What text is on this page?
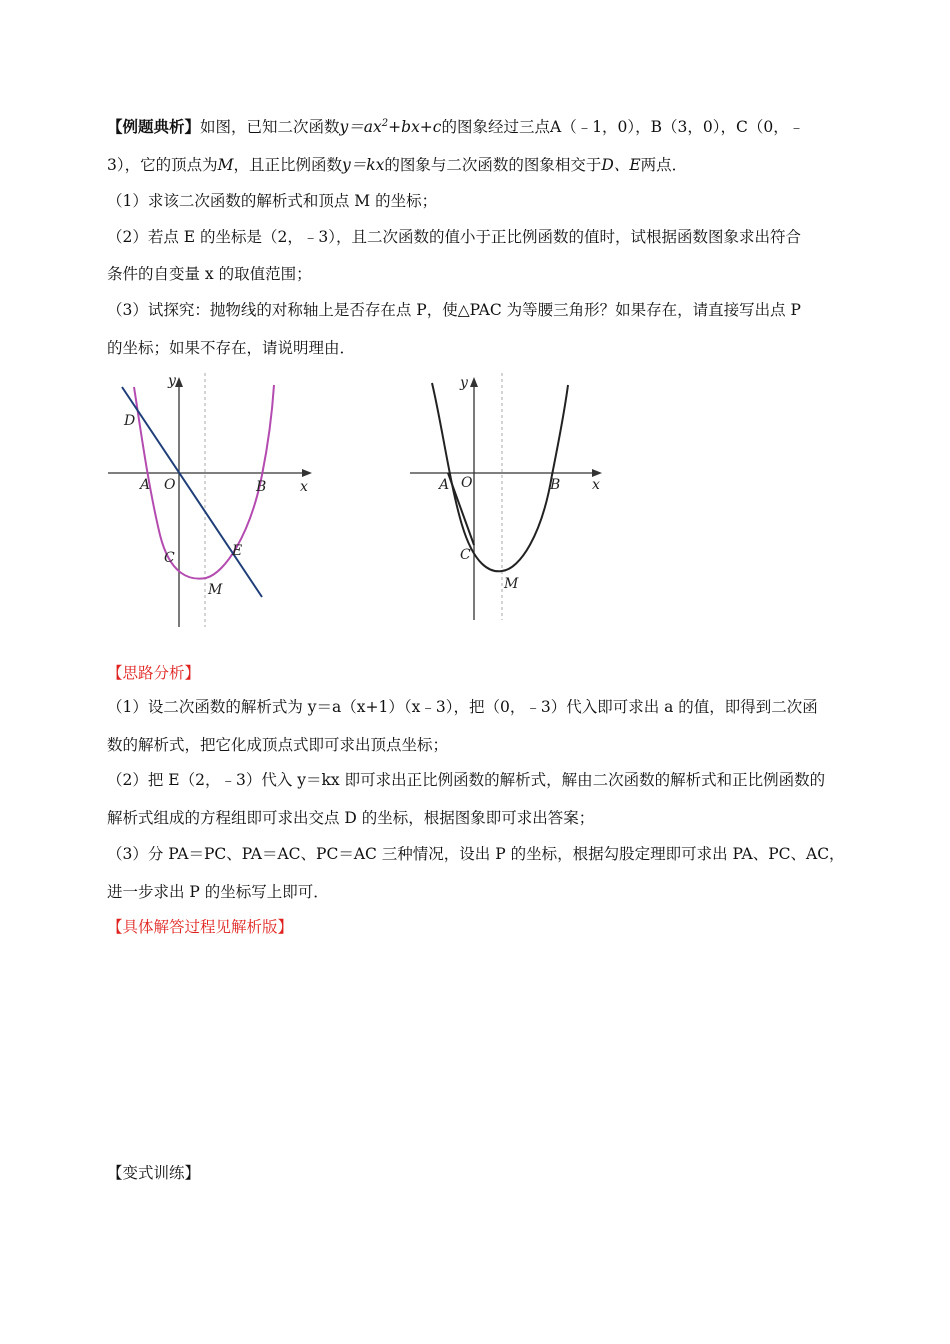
【例题典析】如图，已知二次函数$y=ax^2+bx+c$的图象经过三点A（﹣1，0），B（3，0），C（0，﹣
3），它的顶点为M，且正比例函数y＝kx的图象与二次函数的图象相交于D、E两点．
（1）求该二次函数的解析式和顶点 M 的坐标；
（2）若点 E 的坐标是（2，﹣3），且二次函数的值小于正比例函数的值时，试根据函数图象求出符合
条件的自变量 x 的取值范围；
（3）试探究：抛物线的对称轴上是否存在点 P，使△PAC 为等腰三角形？如果存在，请直接写出点 P
的坐标；如果不存在，请说明理由．
y
x
D
A O	B
C	E
M
y
x
A O	B
C
M
【思路分析】
（1）设二次函数的解析式为 y＝a（x+1）（x﹣3），把（0，﹣3）代入即可求出 a 的值，即得到二次函
数的解析式，把它化成顶点式即可求出顶点坐标；
（2）把 E（2，﹣3）代入 y＝kx 即可求出正比例函数的解析式，解由二次函数的解析式和正比例函数的
解析式组成的方程组即可求出交点 D 的坐标，根据图象即可求出答案；
（3）分 PA＝PC、PA＝AC、PC＝AC 三种情况，设出 P 的坐标，根据勾股定理即可求出 PA、PC、AC，
进一步求出 P 的坐标写上即可．
【具体解答过程见解析版】
【变式训练】
